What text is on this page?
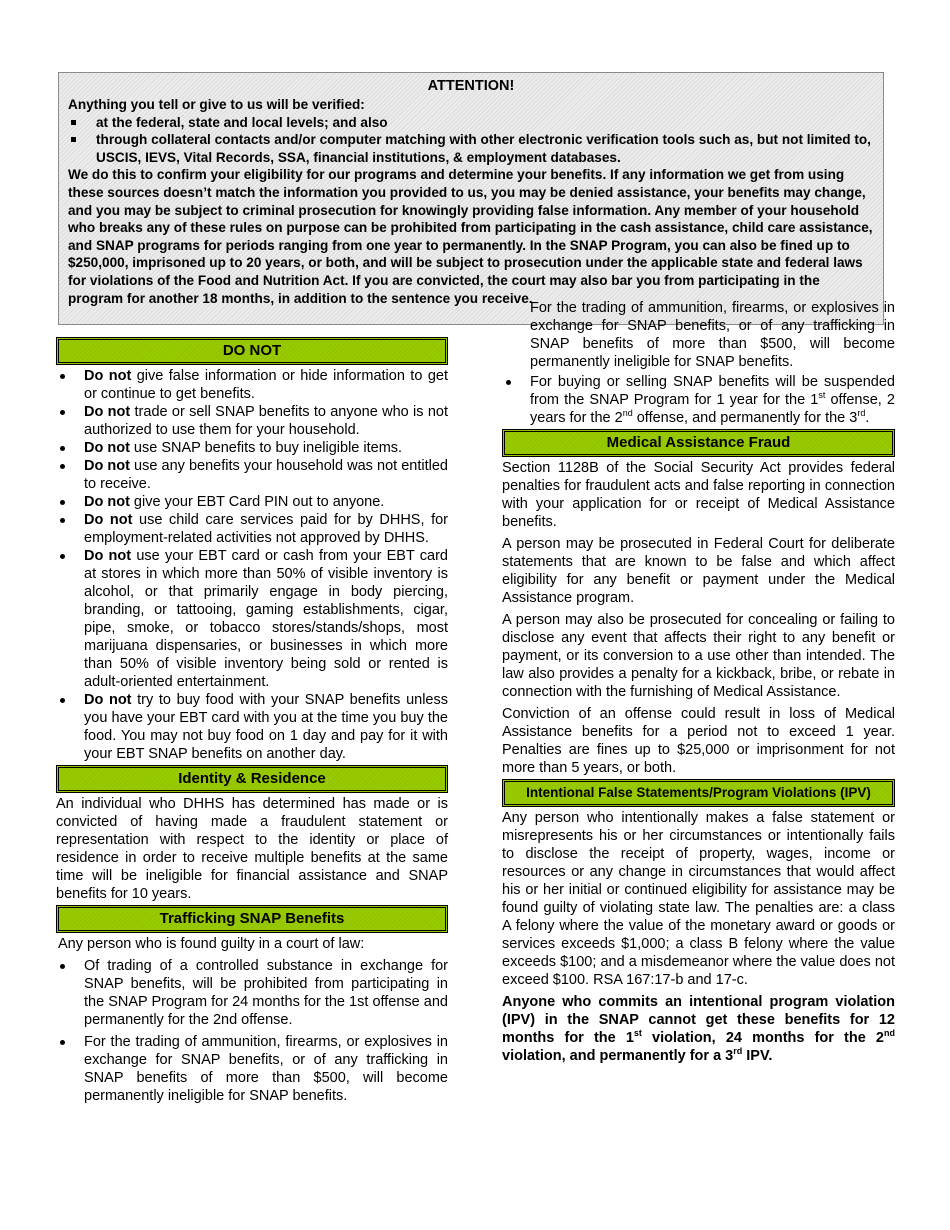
ATTENTION!

Anything you tell or give to us will be verified:

at the federal, state and local levels; and also
through collateral contacts and/or computer matching with other electronic verification tools such as, but not limited to, USCIS, IEVS, Vital Records, SSA, financial institutions, & employment databases.

We do this to confirm your eligibility for our programs and determine your benefits. If any information we get from using these sources doesn’t match the information you provided to us, you may be denied assistance, your benefits may change, and you may be subject to criminal prosecution for knowingly providing false information. Any member of your household who breaks any of these rules on purpose can be prohibited from participating in the cash assistance, child care assistance, and SNAP programs for periods ranging from one year to permanently. In the SNAP Program, you can also be fined up to $250,000, imprisoned up to 20 years, or both, and will be subject to prosecution under the applicable state and federal laws for violations of the Food and Nutrition Act. If you are convicted, the court may also bar you from participating in the program for another 18 months, in addition to the sentence you receive.

DO NOT
Do not give false information or hide information to get or continue to get benefits.
Do not trade or sell SNAP benefits to anyone who is not authorized to use them for your household.
Do not use SNAP benefits to buy ineligible items.
Do not use any benefits your household was not entitled to receive.
Do not give your EBT Card PIN out to anyone.
Do not use child care services paid for by DHHS, for employment-related activities not approved by DHHS.
Do not use your EBT card or cash from your EBT card at stores in which more than 50% of visible inventory is alcohol, or that primarily engage in body piercing, branding, or tattooing, gaming establishments, cigar, pipe, smoke, or tobacco stores/stands/shops, most marijuana dispensaries, or businesses in which more than 50% of visible inventory being sold or rented is adult-oriented entertainment.
Do not try to buy food with your SNAP benefits unless you have your EBT card with you at the time you buy the food. You may not buy food on 1 day and pay for it with your EBT SNAP benefits on another day.
Identity & Residence

An individual who DHHS has determined has made or is convicted of having made a fraudulent statement or representation with respect to the identity or place of residence in order to receive multiple benefits at the same time will be ineligible for financial assistance and SNAP benefits for 10 years.

Trafficking SNAP Benefits

Any person who is found guilty in a court of law:

Of trading of a controlled substance in exchange for SNAP benefits, will be prohibited from participating in the SNAP Program for 24 months for the 1st offense and permanently for the 2nd offense.
For the trading of ammunition, firearms, or explosives in exchange for SNAP benefits, or of any trafficking in SNAP benefits of more than $500, will become permanently ineligible for SNAP benefits.
For the trading of ammunition, firearms, or explosives in exchange for SNAP benefits, or of any trafficking in SNAP benefits of more than $500, will become permanently ineligible for SNAP benefits.
For buying or selling SNAP benefits will be suspended from the SNAP Program for 1 year for the 1st offense, 2 years for the 2nd offense, and permanently for the 3rd.
Medical Assistance Fraud

Section 1128B of the Social Security Act provides federal penalties for fraudulent acts and false reporting in connection with your application for or receipt of Medical Assistance benefits.

A person may be prosecuted in Federal Court for deliberate statements that are known to be false and which affect eligibility for any benefit or payment under the Medical Assistance program.

A person may also be prosecuted for concealing or failing to disclose any event that affects their right to any benefit or payment, or its conversion to a use other than intended. The law also provides a penalty for a kickback, bribe, or rebate in connection with the furnishing of Medical Assistance.

Conviction of an offense could result in loss of Medical Assistance benefits for a period not to exceed 1 year. Penalties are fines up to $25,000 or imprisonment for not more than 5 years, or both.

Intentional False Statements/Program Violations (IPV)

Any person who intentionally makes a false statement or misrepresents his or her circumstances or intentionally fails to disclose the receipt of property, wages, income or resources or any change in circumstances that would affect his or her initial or continued eligibility for assistance may be found guilty of violating state law. The penalties are: a class A felony where the value of the monetary award or goods or services exceeds $1,000; a class B felony where the value exceeds $100; and a misdemeanor where the value does not exceed $100. RSA 167:17-b and 17-c.

Anyone who commits an intentional program violation (IPV) in the SNAP cannot get these benefits for 12 months for the 1st violation, 24 months for the 2nd violation, and permanently for a 3rd IPV.
